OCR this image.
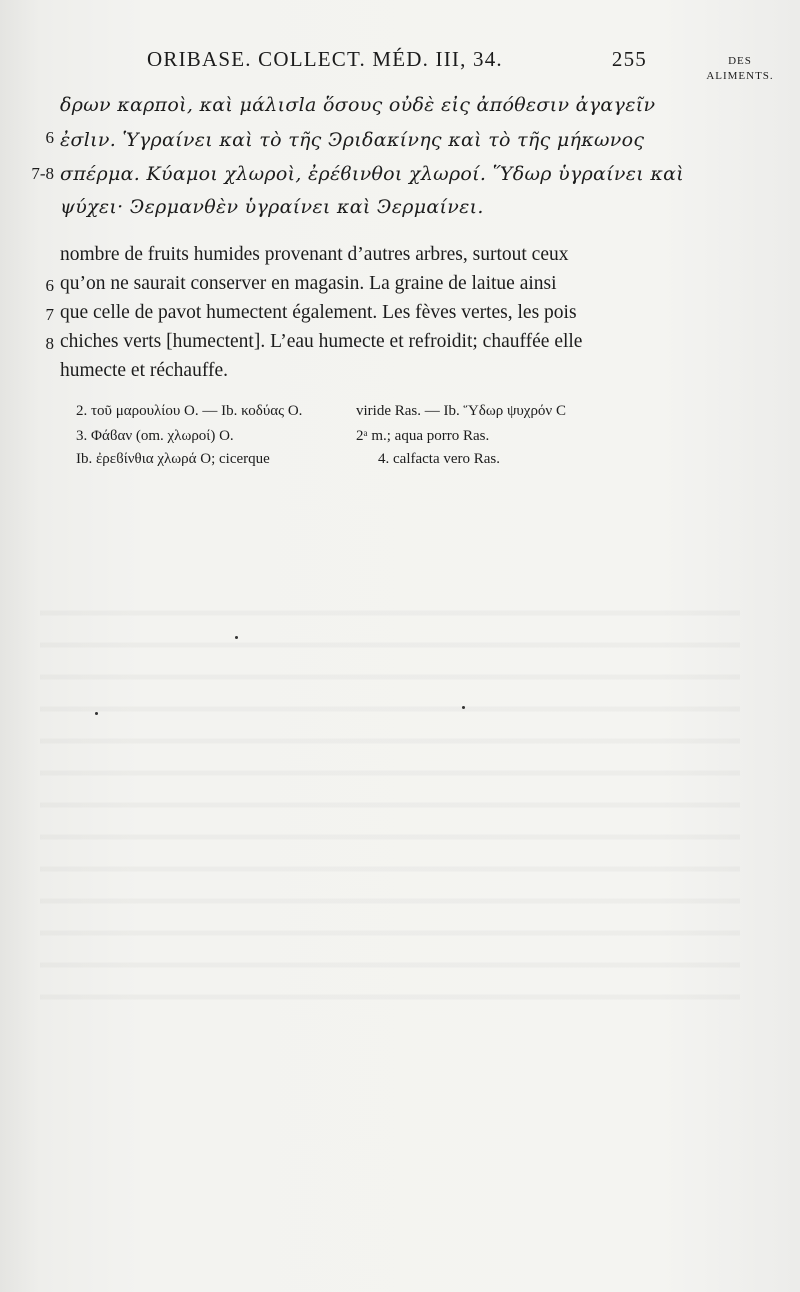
ORIBASE. COLLECT. MÉD. III, 34.	255	DES
ALIMENTS.
6
7-8
δρων καρποὶ, καὶ μάλισla ὅσους οὐδὲ εἰς ἀπόθεσιν ἀγαγεῖν
ἐσlιν. Ὑγραίνει καὶ τὸ τῆς Ͽριδακίνης καὶ τὸ τῆς μήκωνος
σπέρμα. Κύαμοι χλωροὶ, ἐρέϐινθοι χλωροί. Ὕδωρ ὑγραίνει καὶ
ψύχει· Ͽερμανθὲν ὑγραίνει καὶ Ͽερμαίνει.
6
7
8
nombre de fruits humides provenant d’autres arbres, surtout ceux
qu’on ne saurait conserver en magasin. La graine de laitue ainsi
que celle de pavot humectent également. Les fèves vertes, les pois
chiches verts [humectent]. L’eau humecte et refroidit; chauffée elle
humecte et réchauffe.
2. τοῦ μαρουλίου O. — Ib. κοδύας O.
3. Φάϐαν (om. χλωροί) O.
Ib. ἐρεϐίνθια χλωρά O; cicerque
viride Ras. — Ib. Ὕδωρ ψυχρόν C
2ᵃ m.; aqua porro Ras.
4. calfacta vero Ras.
